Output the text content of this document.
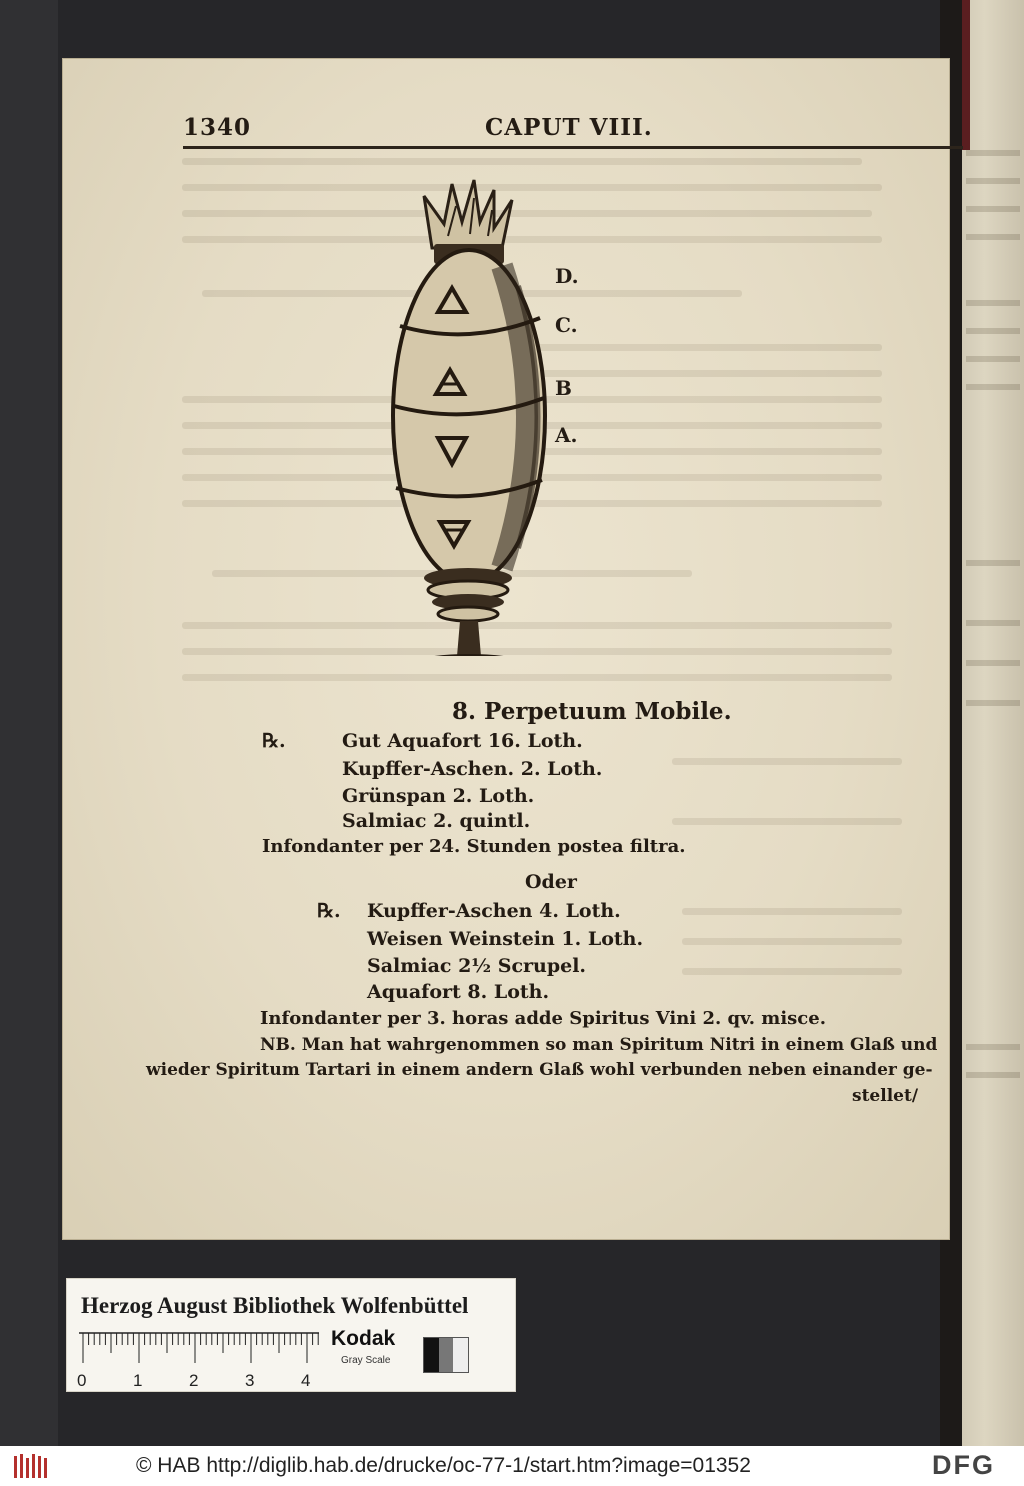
1340	CAPUT VIII.
D.
C.
B
A.
8. Perpetuum Mobile.
℞.	Gut Aquafort 16. Loth.
Kupffer-Aschen. 2. Loth.
Grünspan 2. Loth.
Salmiac 2. quintl.
Infondanter per 24. Stunden postea filtra.
Oder
℞. Kupffer-Aschen 4. Loth.
Weisen Weinstein 1. Loth.
Salmiac 2½ Scrupel.
Aquafort 8. Loth.
Infondanter per 3. horas adde Spiritus Vini 2. qv. misce.
NB. Man hat wahrgenommen so man Spiritum Nitri in einem Glaß und
wieder Spiritum Tartari in einem andern Glaß wohl verbunden neben einander ge-
stellet/
Herzog August Bibliothek Wolfenbüttel
0	1	2	3	4
Kodak
Gray Scale
© HAB http://diglib.hab.de/drucke/oc-77-1/start.htm?image=01352	DFG
